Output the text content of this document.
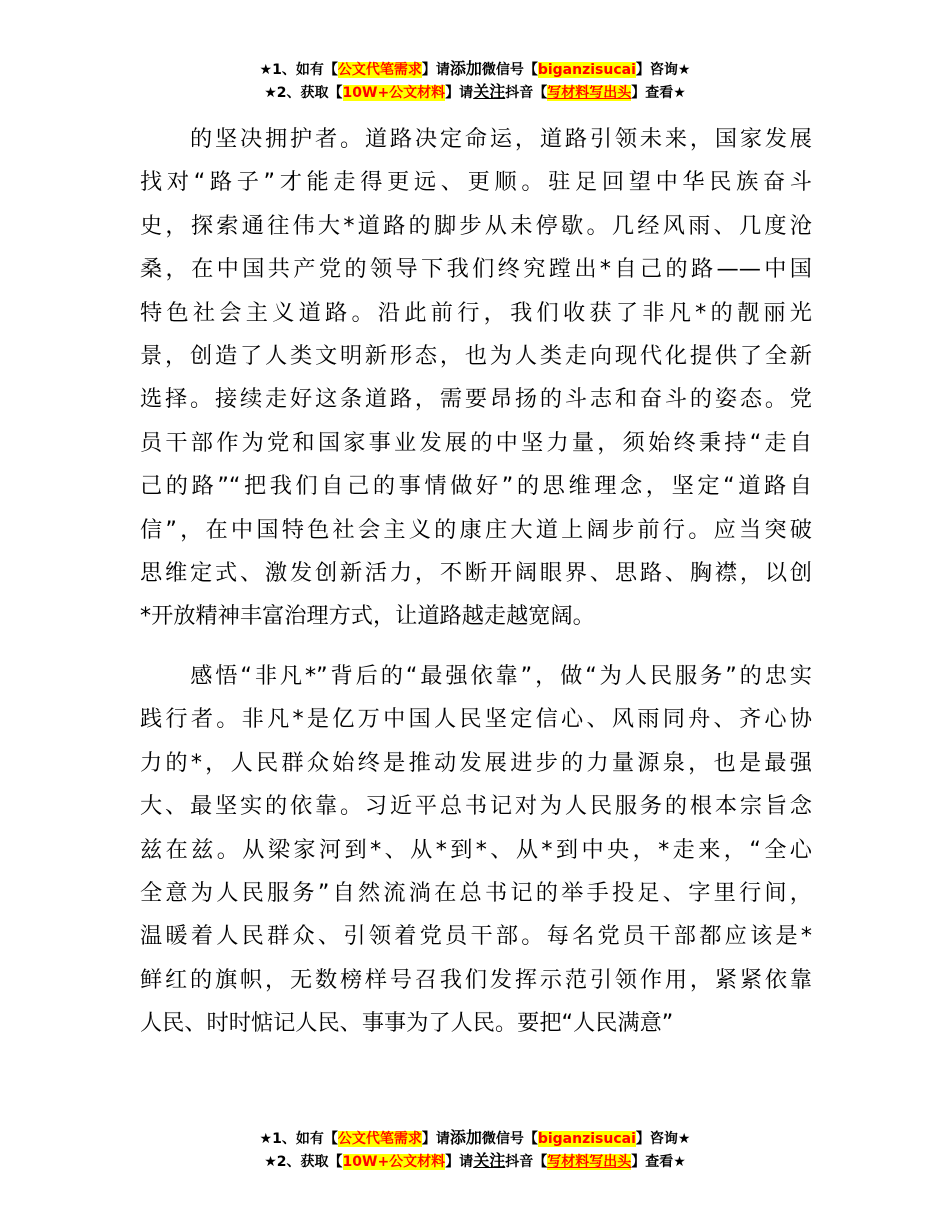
★1、如有【公文代笔需求】请添加微信号【biganzisucai】咨询★
★2、获取【10W+公文材料】请关注抖音【写材料写出头】查看★
　　的坚决拥护者。道路决定命运，道路引领未来，国家发展
找对“路子”才能走得更远、更顺。驻足回望中华民族奋斗
史，探索通往伟大*道路的脚步从未停歇。几经风雨、几度沧
桑，在中国共产党的领导下我们终究蹚出*自己的路——中国
特色社会主义道路。沿此前行，我们收获了非凡*的靓丽光
景，创造了人类文明新形态，也为人类走向现代化提供了全新
选择。接续走好这条道路，需要昂扬的斗志和奋斗的姿态。党
员干部作为党和国家事业发展的中坚力量，须始终秉持“走自
己的路”“把我们自己的事情做好”的思维理念，坚定“道路自
信”，在中国特色社会主义的康庄大道上阔步前行。应当突破
思维定式、激发创新活力，不断开阔眼界、思路、胸襟，以创
*开放精神丰富治理方式，让道路越走越宽阔。
　　感悟“非凡*”背后的“最强依靠”，做“为人民服务”的忠实
践行者。非凡*是亿万中国人民坚定信心、风雨同舟、齐心协
力的*，人民群众始终是推动发展进步的力量源泉，也是最强
大、最坚实的依靠。习近平总书记对为人民服务的根本宗旨念
兹在兹。从梁家河到*、从*到*、从*到中央，*走来，“全心
全意为人民服务”自然流淌在总书记的举手投足、字里行间，
温暖着人民群众、引领着党员干部。每名党员干部都应该是*
鲜红的旗帜，无数榜样号召我们发挥示范引领作用，紧紧依靠
人民、时时惦记人民、事事为了人民。要把“人民满意”
★1、如有【公文代笔需求】请添加微信号【biganzisucai】咨询★
★2、获取【10W+公文材料】请关注抖音【写材料写出头】查看★
